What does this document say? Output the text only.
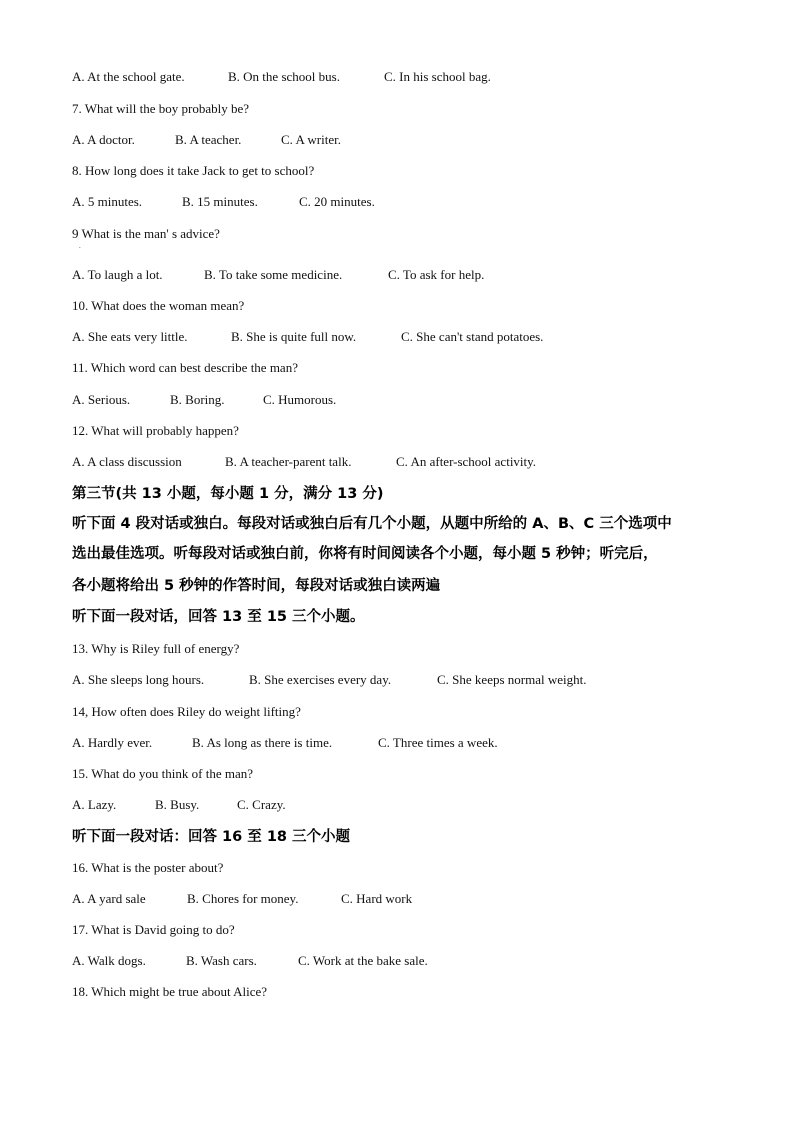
.
A. At the school gate.	B. On the school bus.	C. In his school bag.
7. What will the boy probably be?
A. A doctor.	B. A teacher.	C. A writer.
8. How long does it take Jack to get to school?
A. 5 minutes.	B. 15 minutes.	C. 20 minutes.
9 What is the man' s advice?
A. To laugh a lot.	B. To take some medicine.	C. To ask for help.
10. What does the woman mean?
A. She eats very little.	B. She is quite full now.	C. She can't stand potatoes.
11. Which word can best describe the man?
A. Serious.	B. Boring.	C. Humorous.
12. What will probably happen?
A. A class discussion	B. A teacher-parent talk.	C. An after-school activity.
第三节(共 13 小题，每小题 1 分，满分 13 分)
听下面 4 段对话或独白。每段对话或独白后有几个小题，从题中所给的 A、B、C 三个选项中
选出最佳选项。听每段对话或独白前，你将有时间阅读各个小题，每小题 5 秒钟；听完后，
各小题将给出 5 秒钟的作答时间，每段对话或独白读两遍
听下面一段对话，回答 13 至 15 三个小题。
13. Why is Riley full of energy?
A. She sleeps long hours.	B. She exercises every day.	C. She keeps normal weight.
14, How often does Riley do weight lifting?
A. Hardly ever.	B. As long as there is time.	C. Three times a week.
15. What do you think of the man?
A. Lazy.	B. Busy.	C. Crazy.
听下面一段对话：回答 16 至 18 三个小题
16. What is the poster about?
A. A yard sale	B. Chores for money.	C. Hard work
17. What is David going to do?
A. Walk dogs.	B. Wash cars.	C. Work at the bake sale.
18. Which might be true about Alice?
